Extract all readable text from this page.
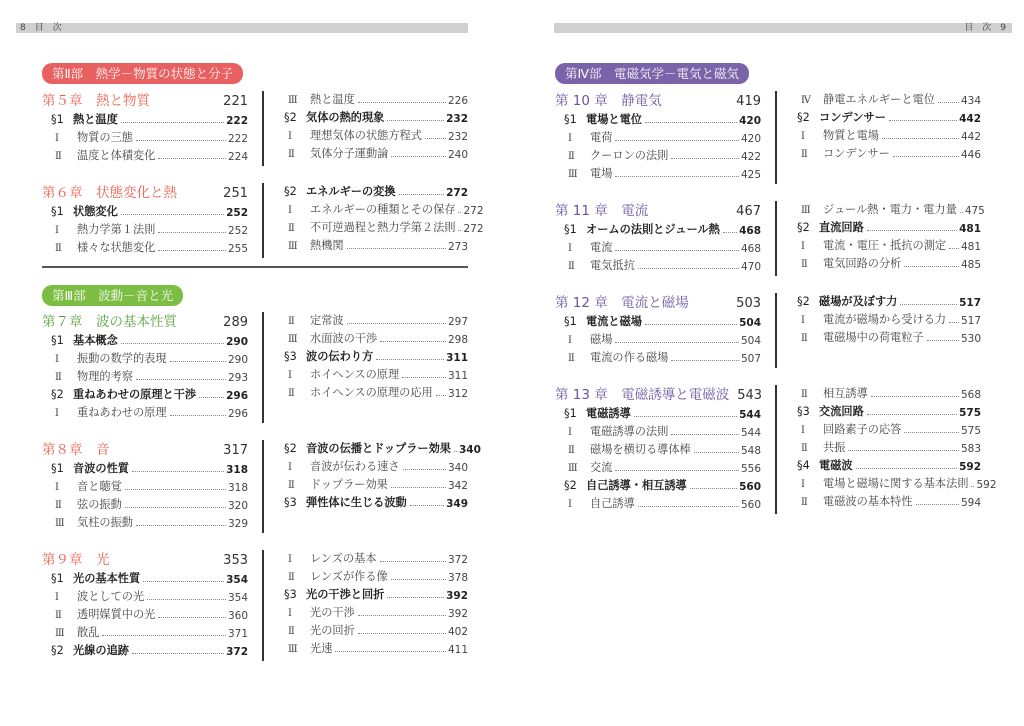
8　目　次	目　次　9
第Ⅱ部　熱学－物質の状態と分子
第Ⅲ部　波動－音と光
第Ⅳ部　電磁気学－電気と磁気
第５章　熱と物質	221
§1 熱と温度	222
Ⅰ 物質の三態	222
Ⅱ 温度と体積変化	224
Ⅲ 熱と温度	226
§2 気体の熱的現象	232
Ⅰ 理想気体の状態方程式 232
Ⅱ 気体分子運動論	240
第６章　状態変化と熱	251
§1 状態変化	252
Ⅰ 熱力学第１法則	252
Ⅱ 様々な状態変化	255
§2 エネルギーの変換	272
Ⅰ エネルギーの種類とその保存 272
Ⅱ 不可逆過程と熱力学第２法則 272
Ⅲ 熱機関	273
第７章　波の基本性質	289
§1 基本概念	290
Ⅰ 振動の数学的表現	290
Ⅱ 物理的考察	293
§2 重ねあわせの原理と干渉	296
Ⅰ 重ねあわせの原理	296
Ⅱ 定常波	297
Ⅲ 水面波の干渉	298
§3 波の伝わり方	311
Ⅰ ホイヘンスの原理	311
Ⅱ ホイヘンスの原理の応用 312
第８章　音	317
§1 音波の性質	318
Ⅰ 音と聴覚	318
Ⅱ 弦の振動	320
Ⅲ 気柱の振動	329
§2 音波の伝播とドップラー効果 340
Ⅰ 音波が伝わる速さ	340
Ⅱ ドップラー効果	342
§3 弾性体に生じる波動	349
第９章　光	353
§1 光の基本性質	354
Ⅰ 波としての光	354
Ⅱ 透明媒質中の光	360
Ⅲ 散乱	371
§2 光線の追跡	372
Ⅰ レンズの基本	372
Ⅱ レンズが作る像	378
§3 光の干渉と回折	392
Ⅰ 光の干渉	392
Ⅱ 光の回折	402
Ⅲ 光速	411
第 10 章　静電気	419
§1 電場と電位	420
Ⅰ 電荷	420
Ⅱ クーロンの法則	422
Ⅲ 電場	425
Ⅳ 静電エネルギーと電位 434
§2 コンデンサー	442
Ⅰ 物質と電場	442
Ⅱ コンデンサー	446
第 11 章　電流	467
§1 オームの法則とジュール熱 468
Ⅰ 電流	468
Ⅱ 電気抵抗	470
Ⅲ ジュール熱・電力・電力量 475
§2 直流回路	481
Ⅰ 電流・電圧・抵抗の測定 481
Ⅱ 電気回路の分析	485
第 12 章　電流と磁場	503
§1 電流と磁場	504
Ⅰ 磁場	504
Ⅱ 電流の作る磁場	507
§2 磁場が及ぼす力	517
Ⅰ 電流が磁場から受ける力 517
Ⅱ 電磁場中の荷電粒子	530
第 13 章　電磁誘導と電磁波 543
§1 電磁誘導	544
Ⅰ 電磁誘導の法則	544
Ⅱ 磁場を横切る導体棒	548
Ⅲ 交流	556
§2 自己誘導・相互誘導	560
Ⅰ 自己誘導	560
Ⅱ 相互誘導	568
§3 交流回路	575
Ⅰ 回路素子の応答	575
Ⅱ 共振	583
§4 電磁波	592
Ⅰ 電場と磁場に関する基本法則 592
Ⅱ 電磁波の基本特性	594
